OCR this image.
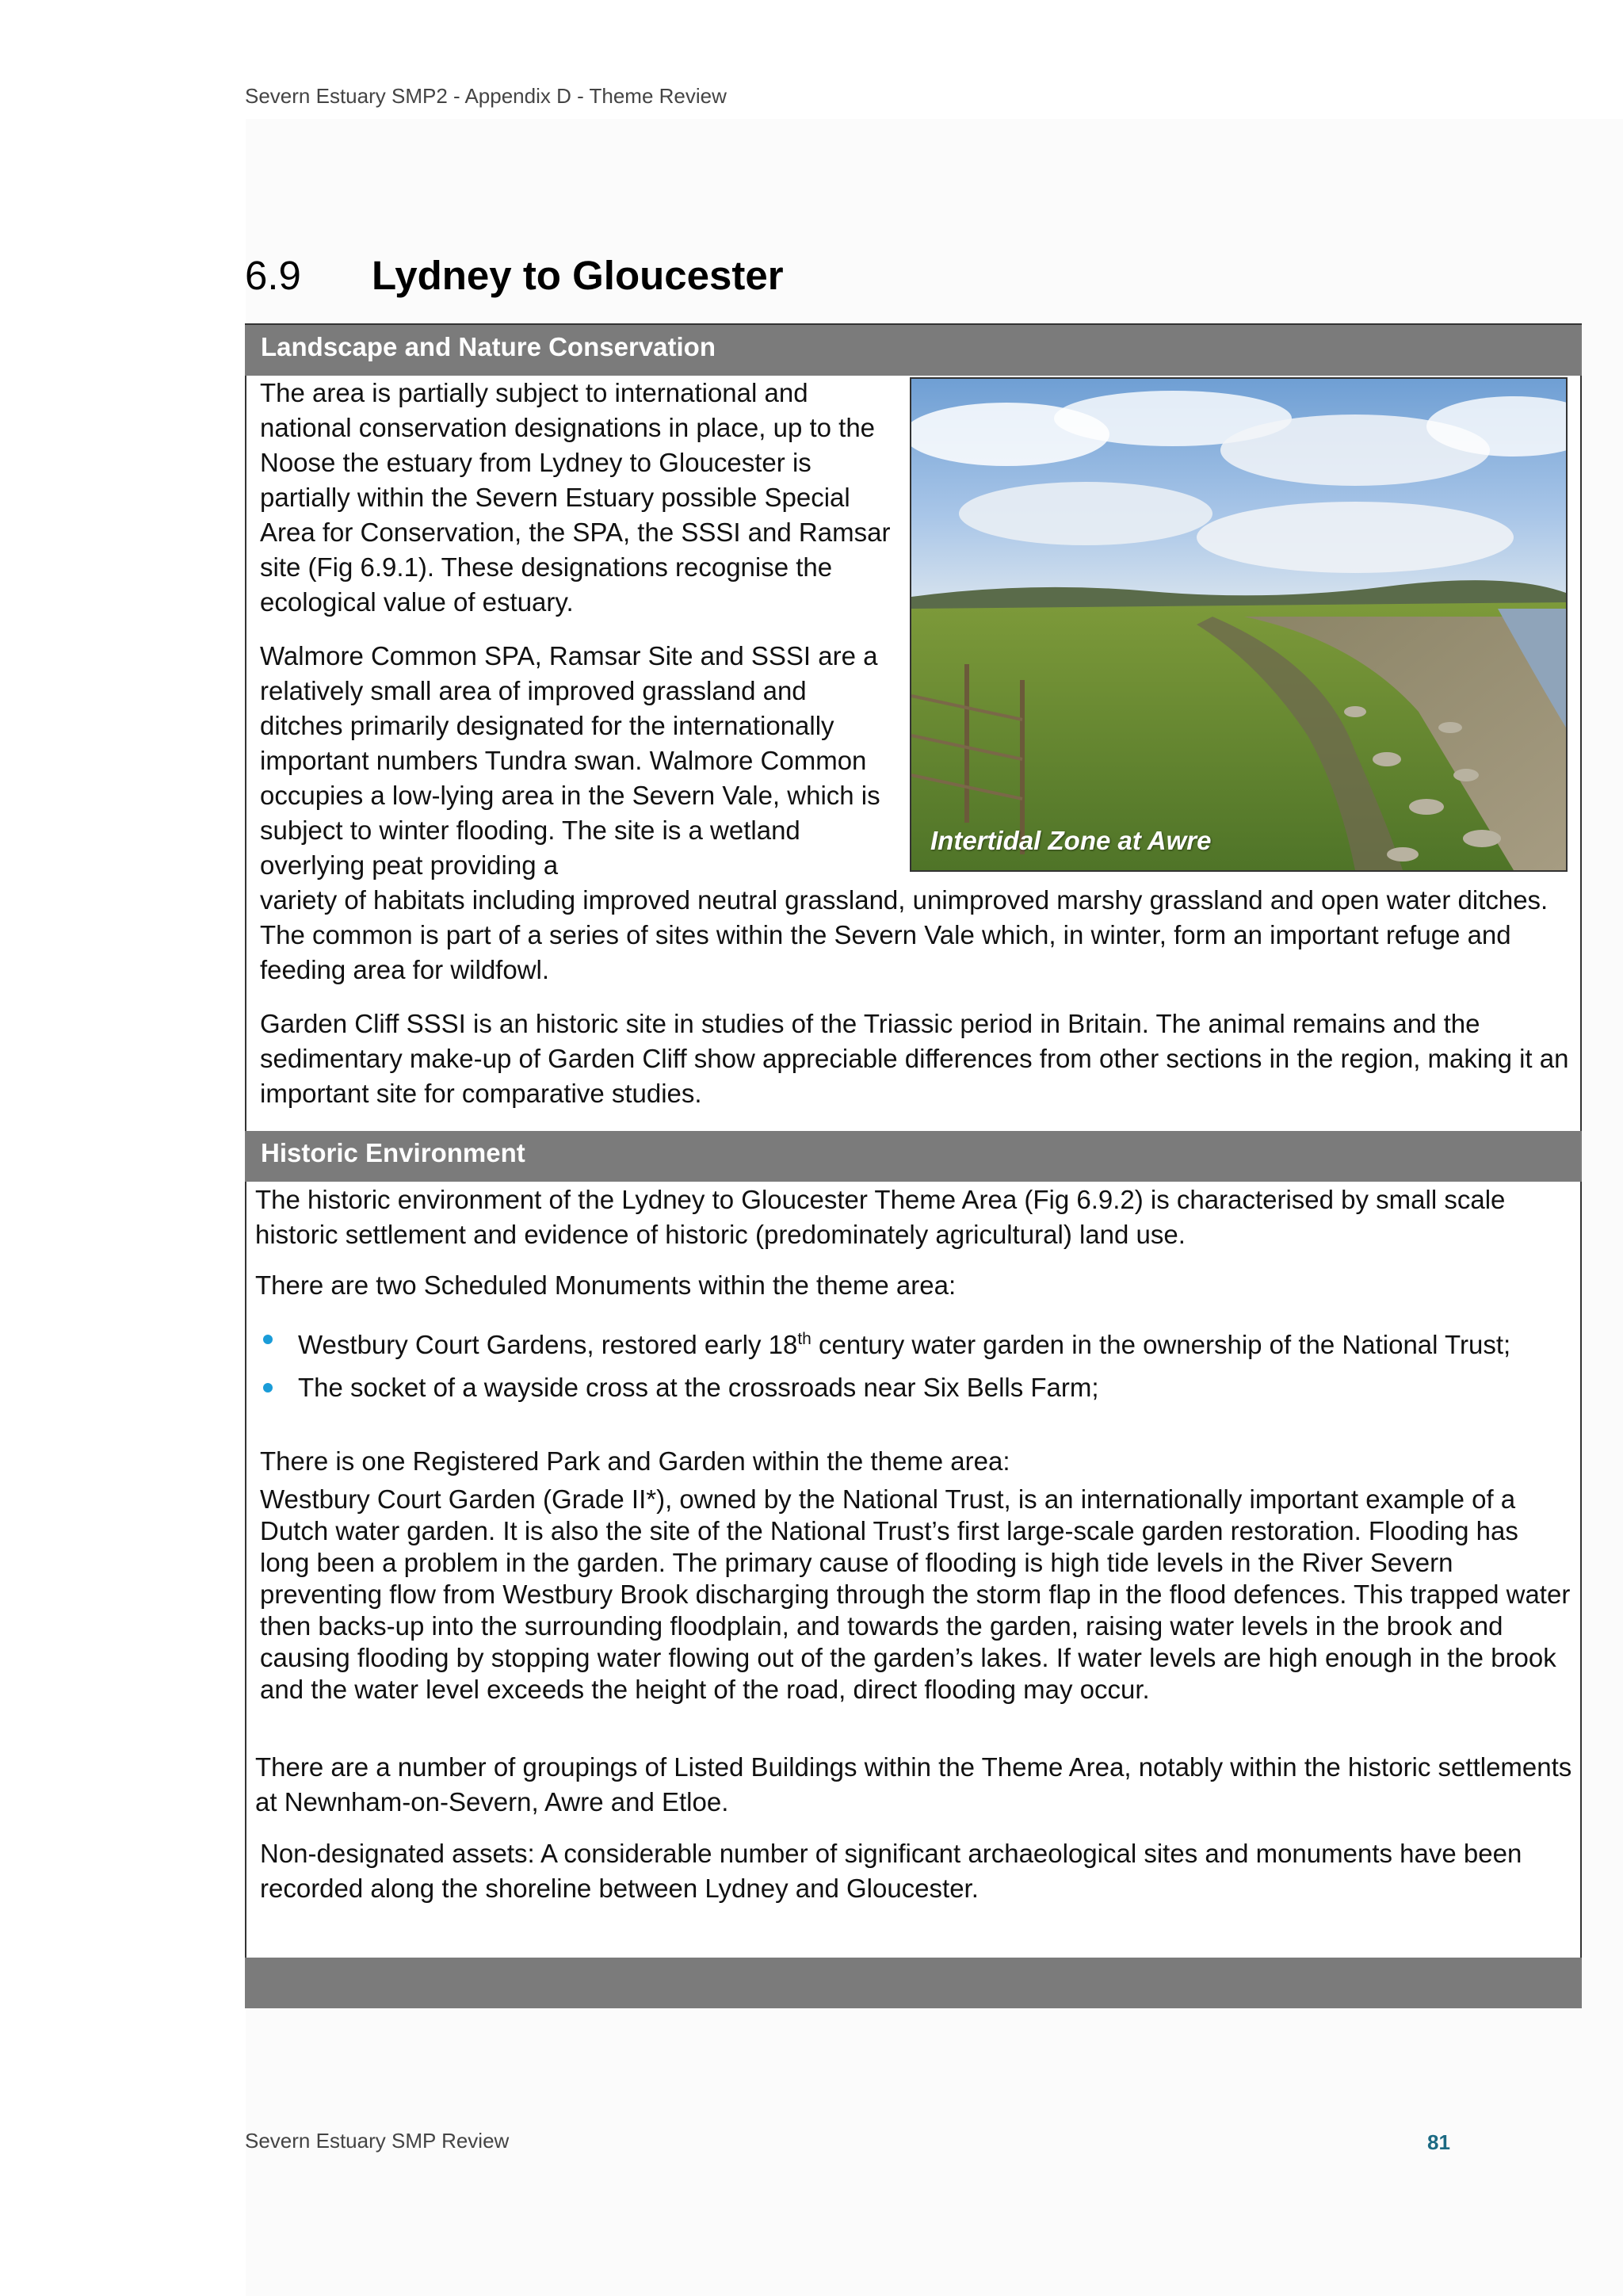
Severn Estuary SMP2 - Appendix D - Theme Review
6.9 Lydney to Gloucester
Landscape and Nature Conservation
Intertidal Zone at Awre

The area is partially subject to international and national conservation designations in place, up to the Noose the estuary from Lydney to Gloucester is partially within the Severn Estuary possible Special Area for Conservation, the SPA, the SSSI and Ramsar site (Fig 6.9.1). These designations recognise the ecological value of estuary.

Walmore Common SPA, Ramsar Site and SSSI are a relatively small area of improved grassland and ditches primarily designated for the internationally important numbers Tundra swan. Walmore Common occupies a low-lying area in the Severn Vale, which is subject to winter flooding. The site is a wetland overlying peat providing a

variety of habitats including improved neutral grassland, unimproved marshy grassland and open water ditches. The common is part of a series of sites within the Severn Vale which, in winter, form an important refuge and feeding area for wildfowl.

Garden Cliff SSSI is an historic site in studies of the Triassic period in Britain. The animal remains and the sedimentary make-up of Garden Cliff show appreciable differences from other sections in the region, making it an important site for comparative studies.

Historic Environment

The historic environment of the Lydney to Gloucester Theme Area (Fig 6.9.2) is characterised by small scale historic settlement and evidence of historic (predominately agricultural) land use.

There are two Scheduled Monuments within the theme area:

Westbury Court Gardens, restored early 18th century water garden in the ownership of the National Trust;
The socket of a wayside cross at the crossroads near Six Bells Farm;

There is one Registered Park and Garden within the theme area:

Westbury Court Garden (Grade II*), owned by the National Trust, is an internationally important example of a Dutch water garden. It is also the site of the National Trust’s first large-scale garden restoration. Flooding has long been a problem in the garden. The primary cause of flooding is high tide levels in the River Severn preventing flow from Westbury Brook discharging through the storm flap in the flood defences. This trapped water then backs-up into the surrounding floodplain, and towards the garden, raising water levels in the brook and causing flooding by stopping water flowing out of the garden’s lakes. If water levels are high enough in the brook and the water level exceeds the height of the road, direct flooding may occur.

There are a number of groupings of Listed Buildings within the Theme Area, notably within the historic settlements at Newnham-on-Severn, Awre and Etloe.

Non-designated assets: A considerable number of significant archaeological sites and monuments have been recorded along the shoreline between Lydney and Gloucester.

Severn Estuary SMP Review	81
